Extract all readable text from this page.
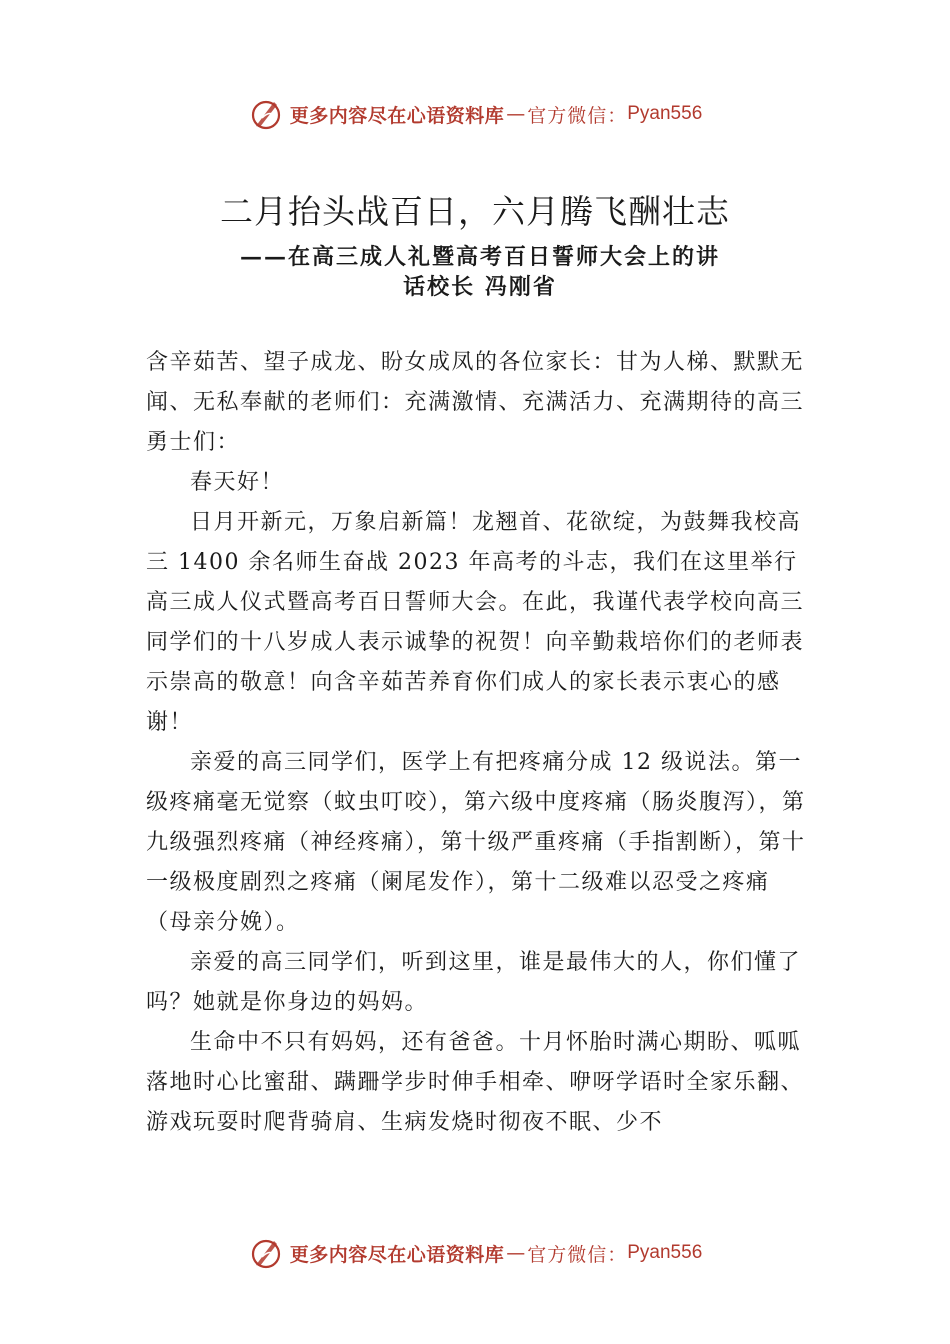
更多内容尽在心语资料库 — 官方微信： Pyan556
二月抬头战百日，六月腾飞酬壮志
——在高三成人礼暨高考百日誓师大会上的讲
话校长 冯刚省

含辛茹苦、望子成龙、盼女成凤的各位家长：甘为人梯、默默无闻、无私奉献的老师们：充满激情、充满活力、充满期待的高三勇士们：

春天好！

日月开新元，万象启新篇！龙翘首、花欲绽，为鼓舞我校高三 1400 余名师生奋战 2023 年高考的斗志，我们在这里举行高三成人仪式暨高考百日誓师大会。在此，我谨代表学校向高三同学们的十八岁成人表示诚挚的祝贺！向辛勤栽培你们的老师表示崇高的敬意！向含辛茹苦养育你们成人的家长表示衷心的感谢！

亲爱的高三同学们，医学上有把疼痛分成 12 级说法。第一级疼痛毫无觉察（蚊虫叮咬），第六级中度疼痛（肠炎腹泻），第九级强烈疼痛（神经疼痛），第十级严重疼痛（手指割断），第十一级极度剧烈之疼痛（阑尾发作），第十二级难以忍受之疼痛（母亲分娩）。

亲爱的高三同学们，听到这里，谁是最伟大的人，你们懂了吗？她就是你身边的妈妈。

生命中不只有妈妈，还有爸爸。十月怀胎时满心期盼、呱呱落地时心比蜜甜、蹒跚学步时伸手相牵、咿呀学语时全家乐翻、游戏玩耍时爬背骑肩、生病发烧时彻夜不眠、少不

更多内容尽在心语资料库 — 官方微信： Pyan556
